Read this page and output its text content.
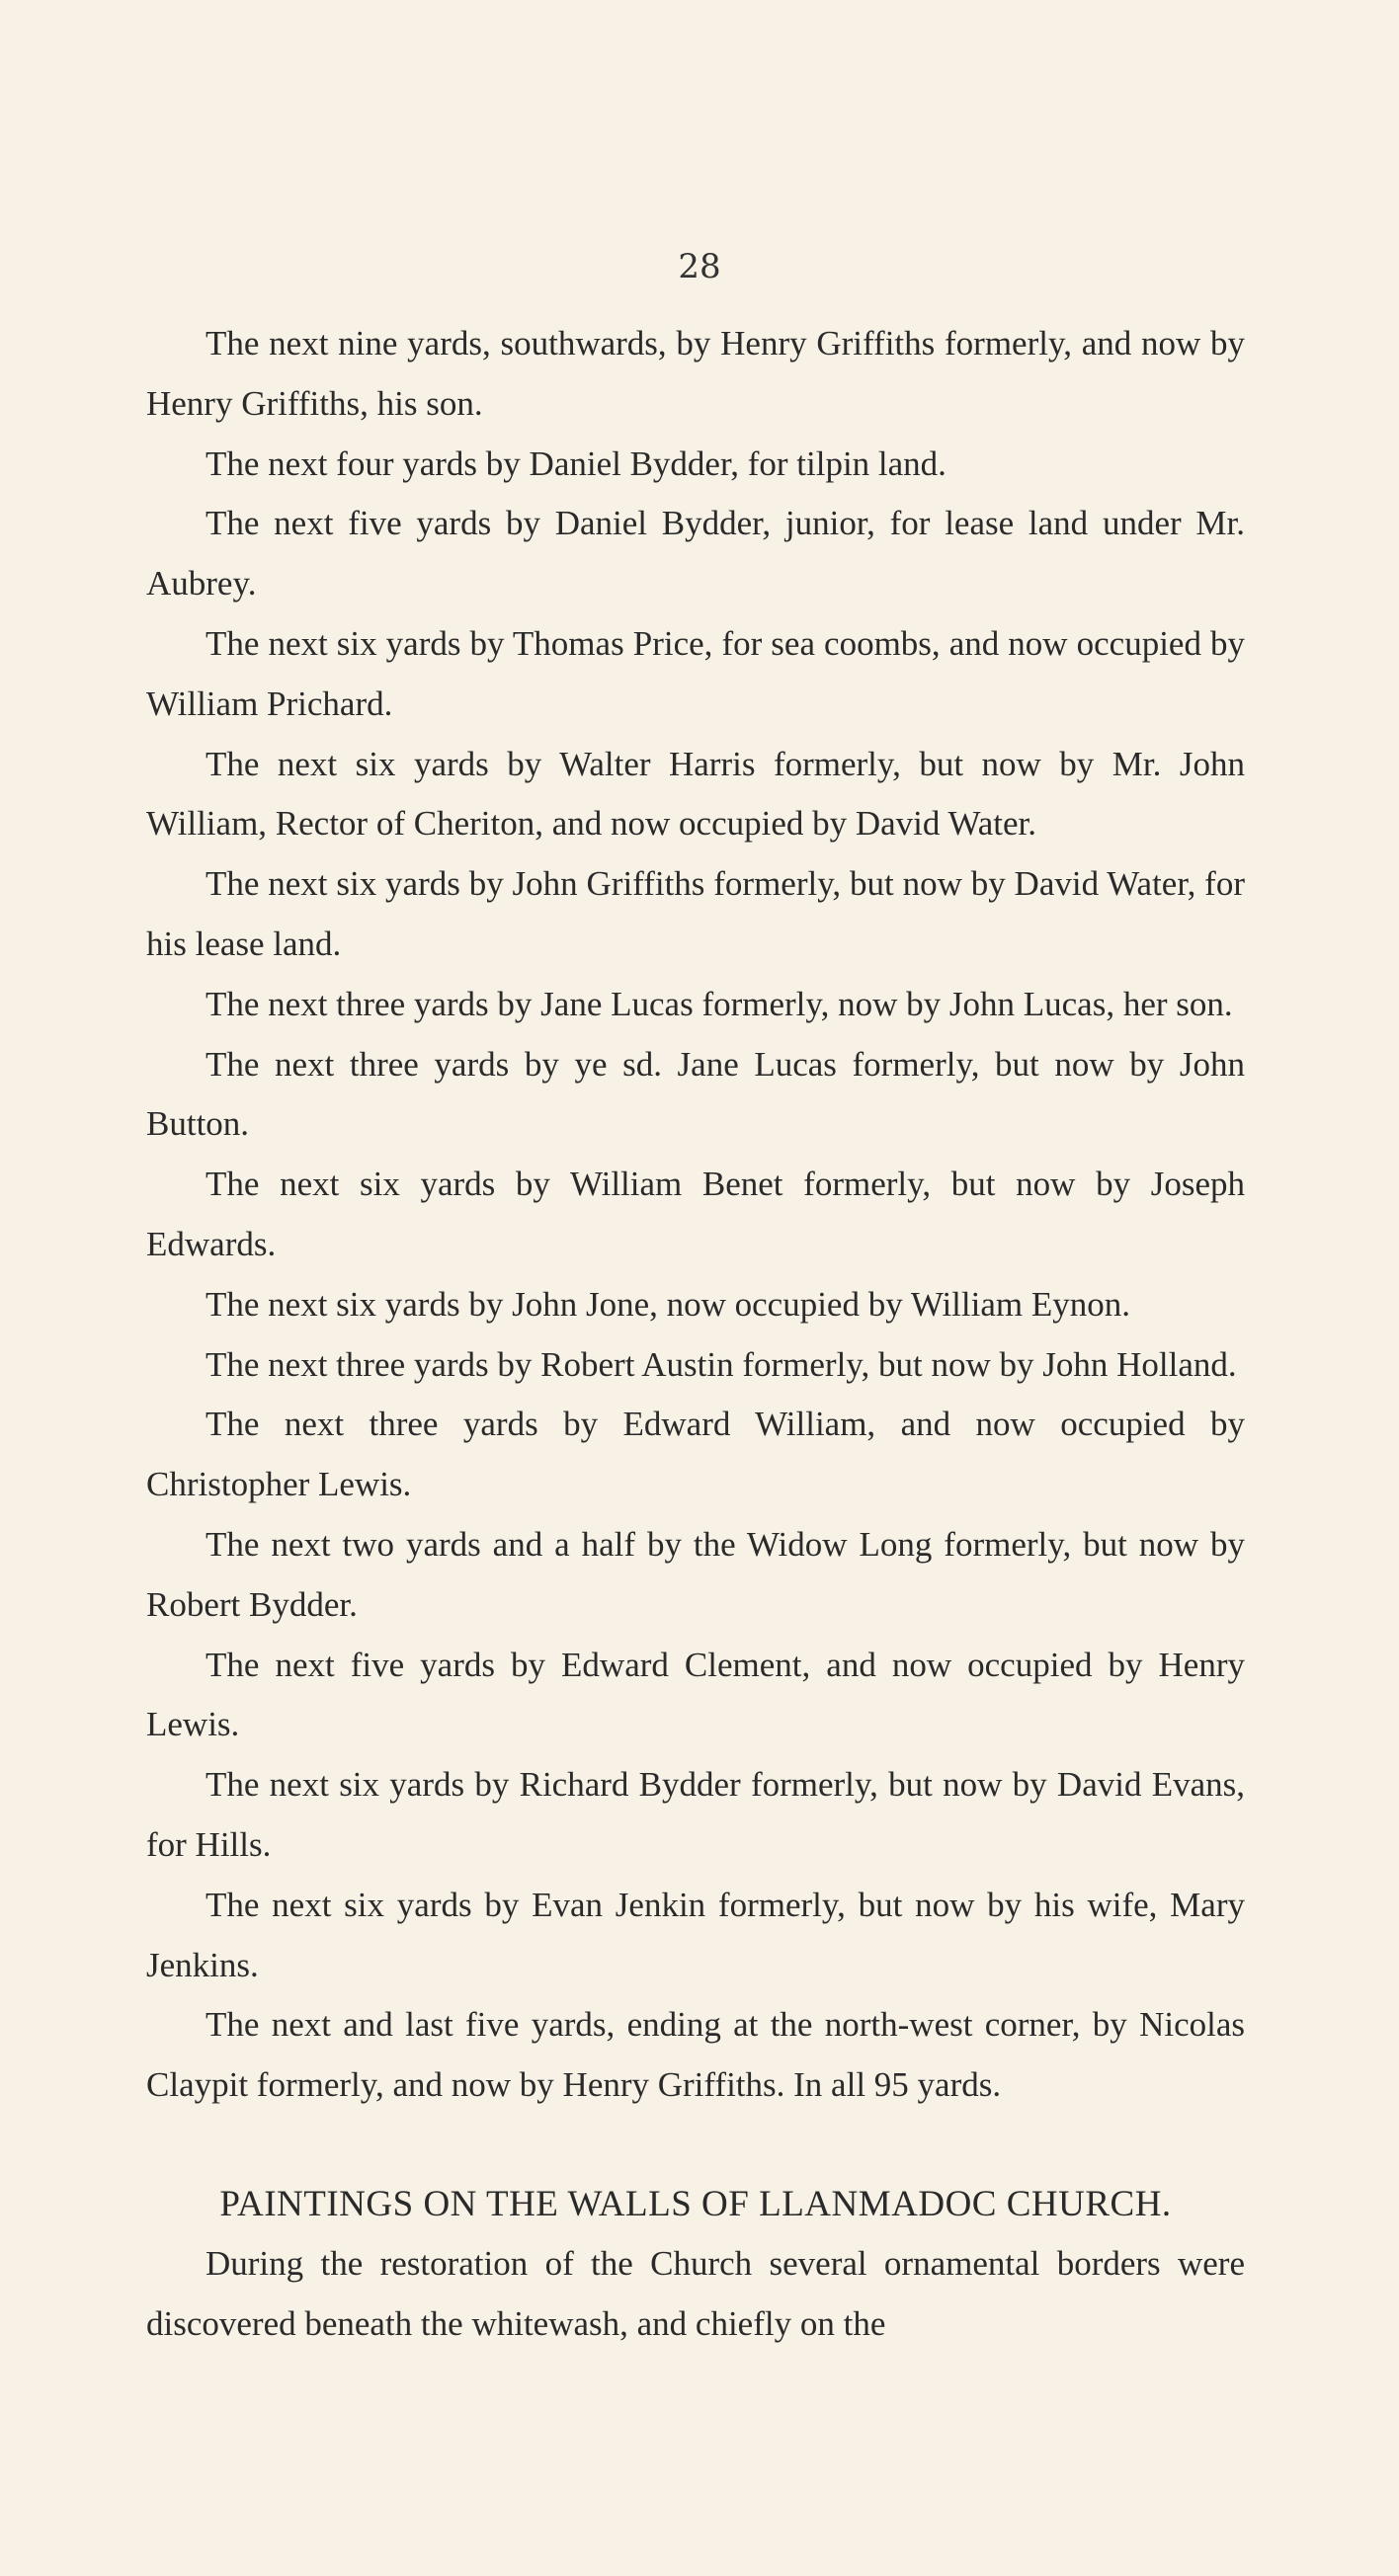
28

The next nine yards, southwards, by Henry Griffiths formerly, and now by Henry Griffiths, his son.

The next four yards by Daniel Bydder, for tilpin land.

The next five yards by Daniel Bydder, junior, for lease land under Mr. Aubrey.

The next six yards by Thomas Price, for sea coombs, and now occupied by William Prichard.

The next six yards by Walter Harris formerly, but now by Mr. John William, Rector of Cheriton, and now occupied by David Water.

The next six yards by John Griffiths formerly, but now by David Water, for his lease land.

The next three yards by Jane Lucas formerly, now by John Lucas, her son.

The next three yards by ye sd. Jane Lucas formerly, but now by John Button.

The next six yards by William Benet formerly, but now by Joseph Edwards.

The next six yards by John Jone, now occupied by William Eynon.

The next three yards by Robert Austin formerly, but now by John Holland.

The next three yards by Edward William, and now occupied by Christopher Lewis.

The next two yards and a half by the Widow Long formerly, but now by Robert Bydder.

The next five yards by Edward Clement, and now occupied by Henry Lewis.

The next six yards by Richard Bydder formerly, but now by David Evans, for Hills.

The next six yards by Evan Jenkin formerly, but now by his wife, Mary Jenkins.

The next and last five yards, ending at the north-west corner, by Nicolas Claypit formerly, and now by Henry Griffiths. In all 95 yards.

PAINTINGS ON THE WALLS OF LLANMADOC CHURCH.

During the restoration of the Church several ornamental borders were discovered beneath the whitewash, and chiefly on the
